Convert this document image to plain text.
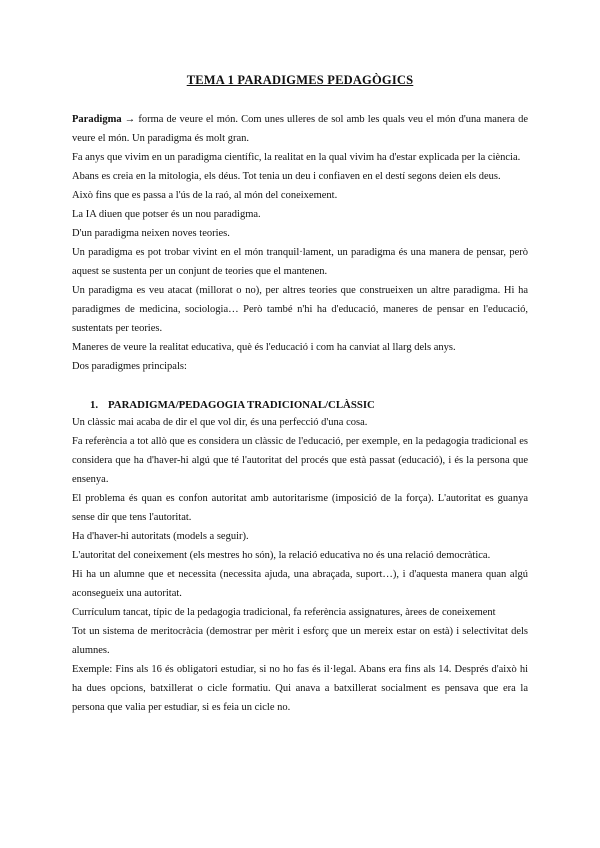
TEMA 1 PARADIGMES PEDAGÒGICS

Paradigma → forma de veure el món. Com unes ulleres de sol amb les quals veu el món d'una manera de veure el món. Un paradigma és molt gran.

Fa anys que vivim en un paradigma científic, la realitat en la qual vivim ha d'estar explicada per la ciència.

Abans es creia en la mitologia, els déus. Tot tenia un deu i confiaven en el destí segons deien els deus.

Això fins que es passa a l'ús de la raó, al món del coneixement.

La IA diuen que potser és un nou paradigma.

D'un paradigma neixen noves teories.

Un paradigma es pot trobar vivint en el món tranquil·lament, un paradigma és una manera de pensar, però aquest se sustenta per un conjunt de teories que el mantenen.

Un paradigma es veu atacat (millorat o no), per altres teories que construeixen un altre paradigma. Hi ha paradigmes de medicina, sociologia… Però també n'hi ha d'educació, maneres de pensar en l'educació, sustentats per teories.

Maneres de veure la realitat educativa, què és l'educació i com ha canviat al llarg dels anys.

Dos paradigmes principals:

1. PARADIGMA/PEDAGOGIA TRADICIONAL/CLÀSSIC

Un clàssic mai acaba de dir el que vol dir, és una perfecció d'una cosa.

Fa referència a tot allò que es considera un clàssic de l'educació, per exemple, en la pedagogia tradicional es considera que ha d'haver-hi algú que té l'autoritat del procés que està passat (educació), i és la persona que ensenya.

El problema és quan es confon autoritat amb autoritarisme (imposició de la força). L'autoritat es guanya sense dir que tens l'autoritat.

Ha d'haver-hi autoritats (models a seguir).

L'autoritat del coneixement (els mestres ho són), la relació educativa no és una relació democràtica.

Hi ha un alumne que et necessita (necessita ajuda, una abraçada, suport…), i d'aquesta manera quan algú aconsegueix una autoritat.

Currículum tancat, típic de la pedagogia tradicional, fa referència assignatures, àrees de coneixement

Tot un sistema de meritocràcia (demostrar per mèrit i esforç que un mereix estar on està) i selectivitat dels alumnes.

Exemple: Fins als 16 és obligatori estudiar, si no ho fas és il·legal. Abans era fins als 14. Després d'això hi ha dues opcions, batxillerat o cicle formatiu. Qui anava a batxillerat socialment es pensava que era la persona que valia per estudiar, si es feia un cicle no.
